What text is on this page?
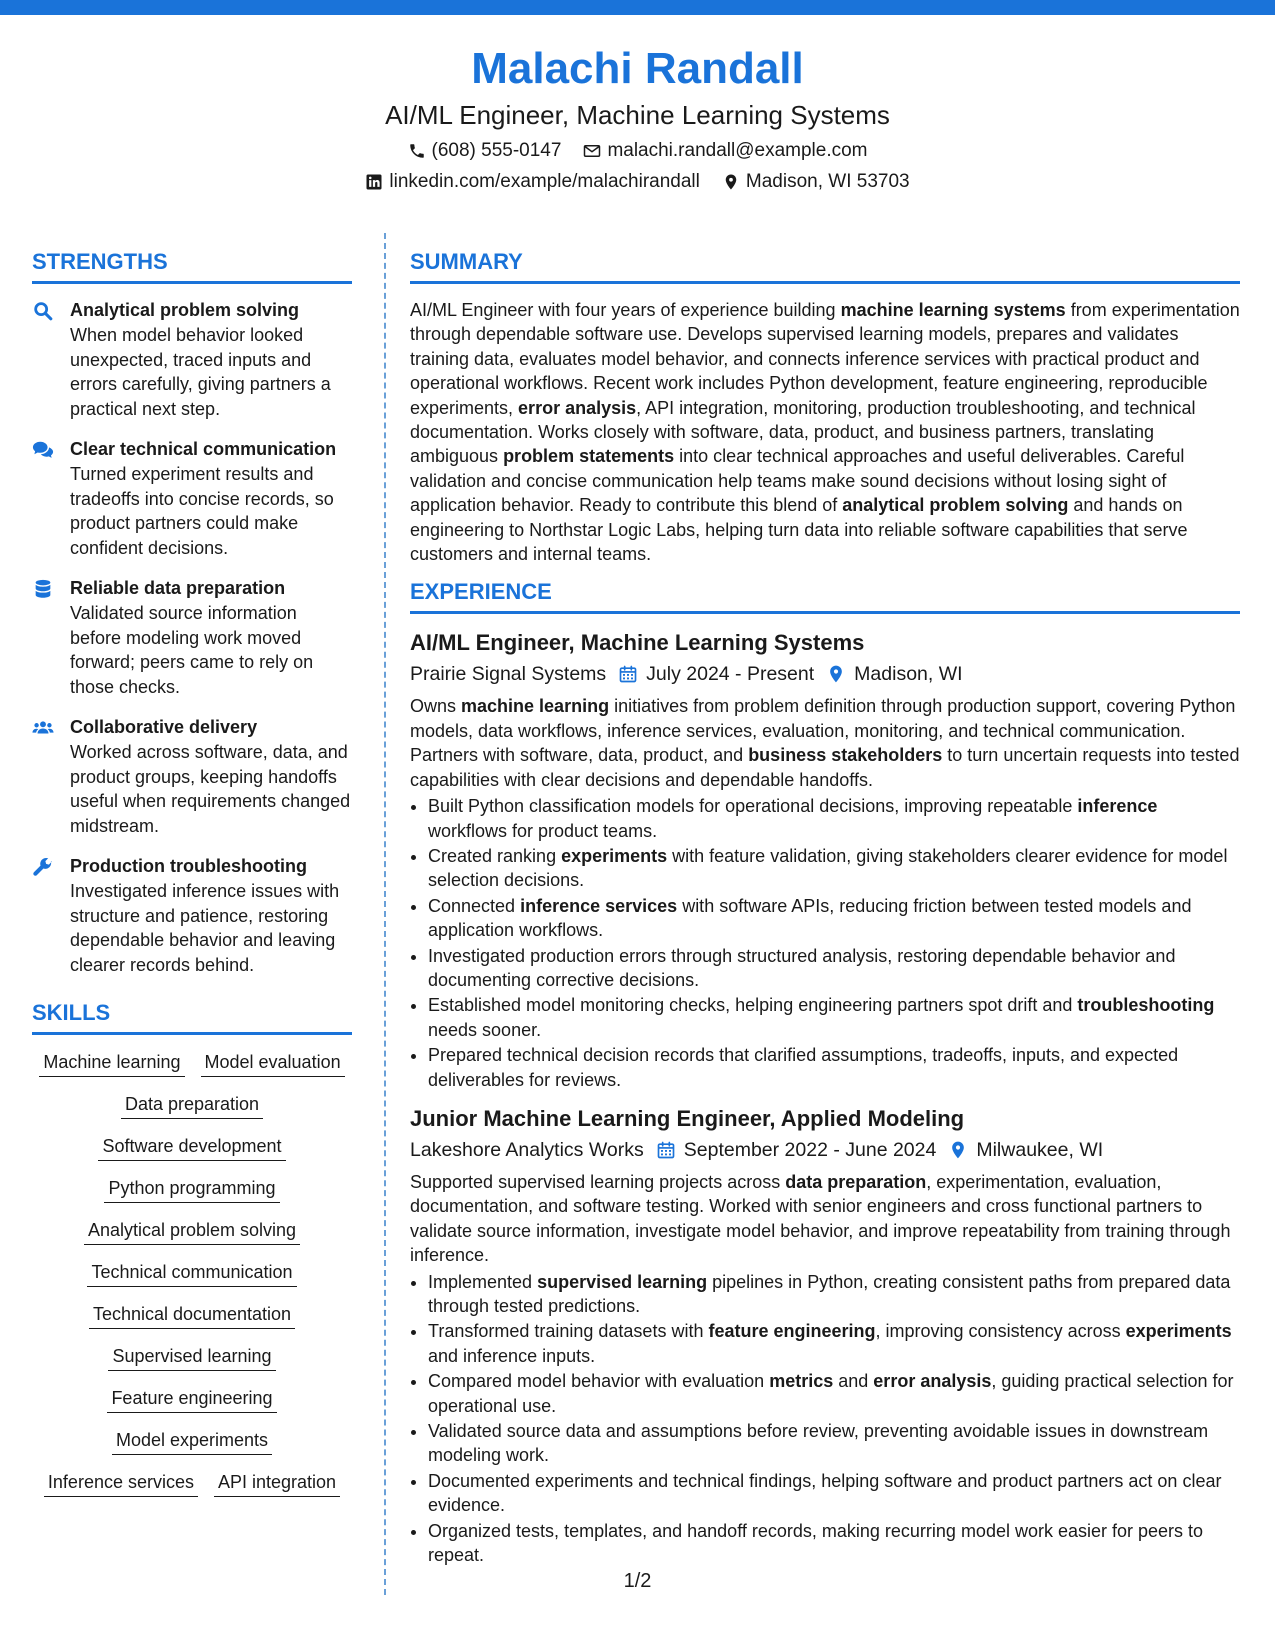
Malachi Randall
AI/ML Engineer, Machine Learning Systems
(608) 555-0147 malachi.randall@example.com
linkedin.com/example/malachirandall Madison, WI 53703
STRENGTHS
Analytical problem solving
When model behavior looked unexpected, traced inputs and errors carefully, giving partners a practical next step.
Clear technical communication
Turned experiment results and tradeoffs into concise records, so product partners could make confident decisions.
Reliable data preparation
Validated source information before modeling work moved forward; peers came to rely on those checks.
Collaborative delivery
Worked across software, data, and product groups, keeping handoffs useful when requirements changed midstream.
Production troubleshooting
Investigated inference issues with structure and patience, restoring dependable behavior and leaving clearer records behind.
SKILLS
Machine learning Model evaluation
Data preparation
Software development
Python programming
Analytical problem solving
Technical communication
Technical documentation
Supervised learning
Feature engineering
Model experiments
Inference services API integration
SUMMARY

AI/ML Engineer with four years of experience building machine learning systems from experimentation through dependable software use. Develops supervised learning models, prepares and validates training data, evaluates model behavior, and connects inference services with practical product and operational workflows. Recent work includes Python development, feature engineering, reproducible experiments, error analysis, API integration, monitoring, production troubleshooting, and technical documentation. Works closely with software, data, product, and business partners, translating ambiguous problem statements into clear technical approaches and useful deliverables. Careful validation and concise communication help teams make sound decisions without losing sight of application behavior. Ready to contribute this blend of analytical problem solving and hands on engineering to Northstar Logic Labs, helping turn data into reliable software capabilities that serve customers and internal teams.

EXPERIENCE
AI/ML Engineer, Machine Learning Systems
Prairie Signal Systems July 2024 - Present Madison, WI

Owns machine learning initiatives from problem definition through production support, covering Python models, data workflows, inference services, evaluation, monitoring, and technical communication. Partners with software, data, product, and business stakeholders to turn uncertain requests into tested capabilities with clear decisions and dependable handoffs.

• Built Python classification models for operational decisions, improving repeatable inference workflows for product teams.
• Created ranking experiments with feature validation, giving stakeholders clearer evidence for model selection decisions.
• Connected inference services with software APIs, reducing friction between tested models and application workflows.
• Investigated production errors through structured analysis, restoring dependable behavior and documenting corrective decisions.
• Established model monitoring checks, helping engineering partners spot drift and troubleshooting needs sooner.
• Prepared technical decision records that clarified assumptions, tradeoffs, inputs, and expected deliverables for reviews.
Junior Machine Learning Engineer, Applied Modeling
Lakeshore Analytics Works September 2022 - June 2024 Milwaukee, WI

Supported supervised learning projects across data preparation, experimentation, evaluation, documentation, and software testing. Worked with senior engineers and cross functional partners to validate source information, investigate model behavior, and improve repeatability from training through inference.

• Implemented supervised learning pipelines in Python, creating consistent paths from prepared data through tested predictions.
• Transformed training datasets with feature engineering, improving consistency across experiments and inference inputs.
• Compared model behavior with evaluation metrics and error analysis, guiding practical selection for operational use.
• Validated source data and assumptions before review, preventing avoidable issues in downstream modeling work.
• Documented experiments and technical findings, helping software and product partners act on clear evidence.
• Organized tests, templates, and handoff records, making recurring model work easier for peers to repeat.
1/2
